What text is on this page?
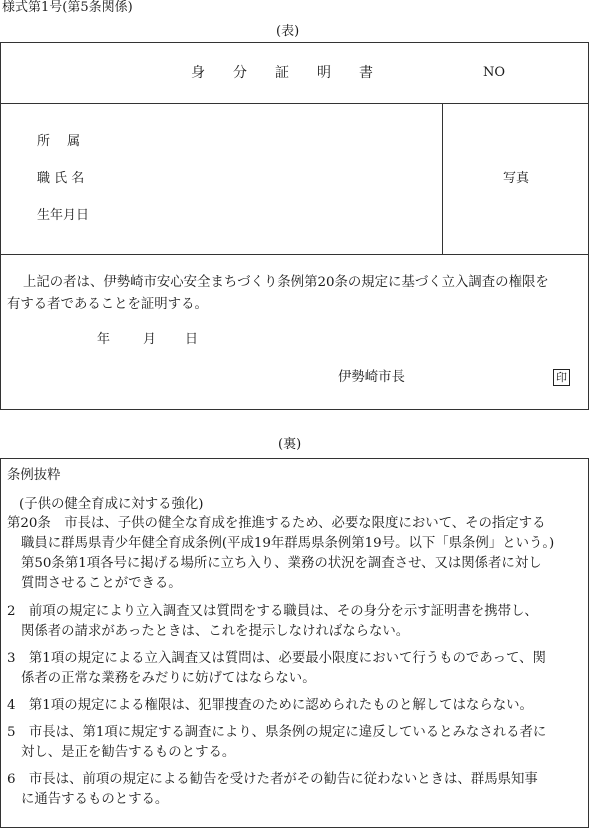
様式第1号(第5条関係)
(表)
身分証明書	NO
所　 属
職 氏 名
生年月日
写真
上記の者は、伊勢崎市安心安全まちづくり条例第20条の規定に基づく立入調査の権限を
有する者であることを証明する。
年	月 日
伊勢崎市長	印
(裏)
条例抜粋
(子供の健全育成に対する強化)
第20条　市長は、子供の健全な育成を推進するため、必要な限度において、その指定する
職員に群馬県青少年健全育成条例(平成19年群馬県条例第19号。以下「県条例」という。)
第50条第1項各号に掲げる場所に立ち入り、業務の状況を調査させ、又は関係者に対し
質問させることができる。
2　前項の規定により立入調査又は質問をする職員は、その身分を示す証明書を携帯し、
関係者の請求があったときは、これを提示しなければならない。
3　第1項の規定による立入調査又は質問は、必要最小限度において行うものであって、関
係者の正常な業務をみだりに妨げてはならない。
4　第1項の規定による権限は、犯罪捜査のために認められたものと解してはならない。
5　市長は、第1項に規定する調査により、県条例の規定に違反しているとみなされる者に
対し、是正を勧告するものとする。
6　市長は、前項の規定による勧告を受けた者がその勧告に従わないときは、群馬県知事
に通告するものとする。
